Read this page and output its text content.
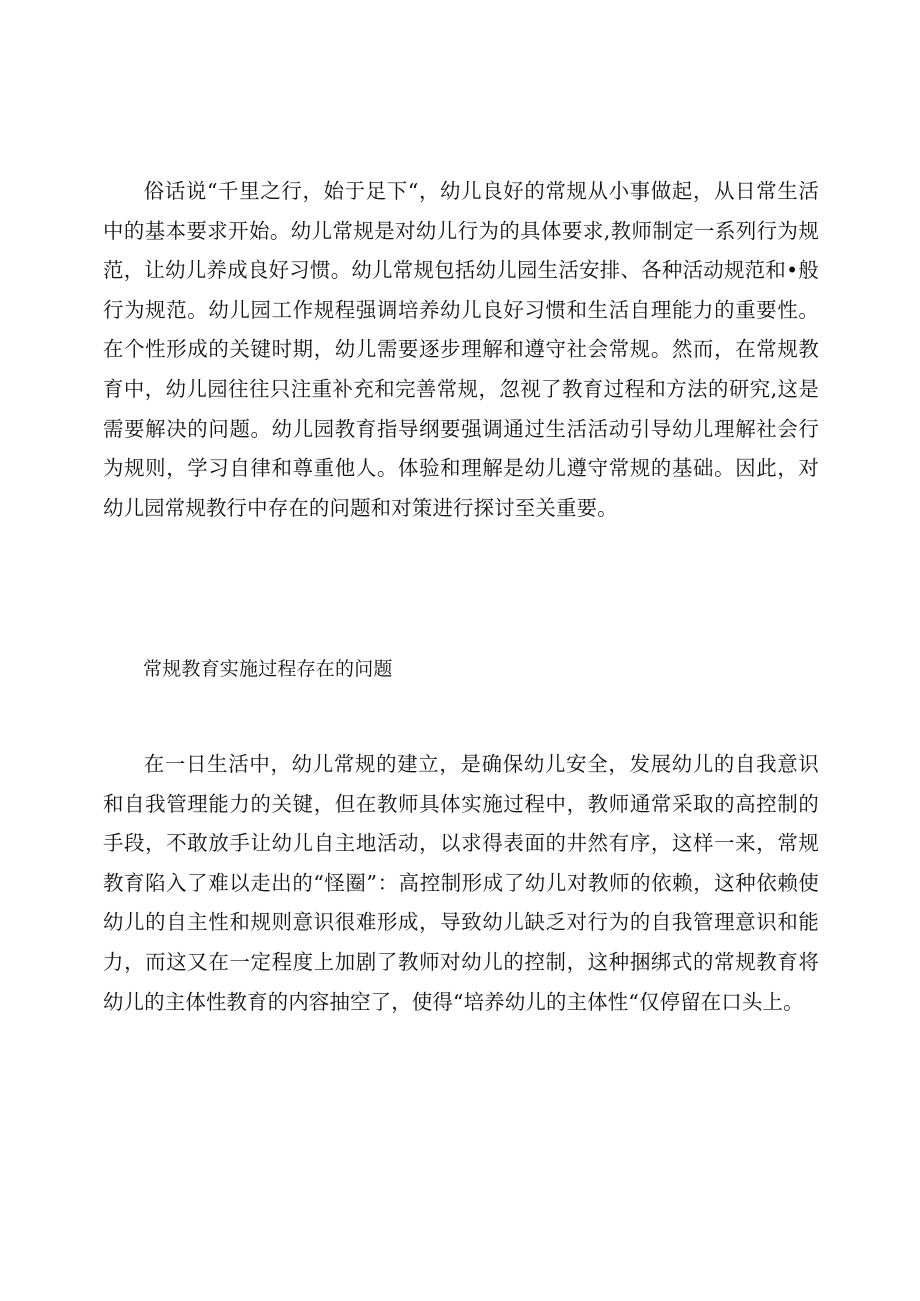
俗话说“千里之行，始于足下“，幼儿良好的常规从小事做起，从日常生活中的基本要求开始。幼儿常规是对幼儿行为的具体要求,教师制定一系列行为规范，让幼儿养成良好习惯。幼儿常规包括幼儿园生活安排、各种活动规范和•般行为规范。幼儿园工作规程强调培养幼儿良好习惯和生活自理能力的重要性。在个性形成的关键时期，幼儿需要逐步理解和遵守社会常规。然而，在常规教育中，幼儿园往往只注重补充和完善常规，忽视了教育过程和方法的研究,这是需要解决的问题。幼儿园教育指导纲要强调通过生活活动引导幼儿理解社会行为规则，学习自律和尊重他人。体验和理解是幼儿遵守常规的基础。因此，对幼儿园常规教行中存在的问题和对策进行探讨至关重要。

常规教育实施过程存在的问题

在一日生活中，幼儿常规的建立，是确保幼儿安全，发展幼儿的自我意识和自我管理能力的关键，但在教师具体实施过程中，教师通常采取的高控制的手段，不敢放手让幼儿自主地活动，以求得表面的井然有序，这样一来，常规教育陷入了难以走出的“怪圈”：高控制形成了幼儿对教师的依赖，这种依赖使幼儿的自主性和规则意识很难形成，导致幼儿缺乏对行为的自我管理意识和能力，而这又在一定程度上加剧了教师对幼儿的控制，这种捆绑式的常规教育将幼儿的主体性教育的内容抽空了，使得“培养幼儿的主体性“仅停留在口头上。
